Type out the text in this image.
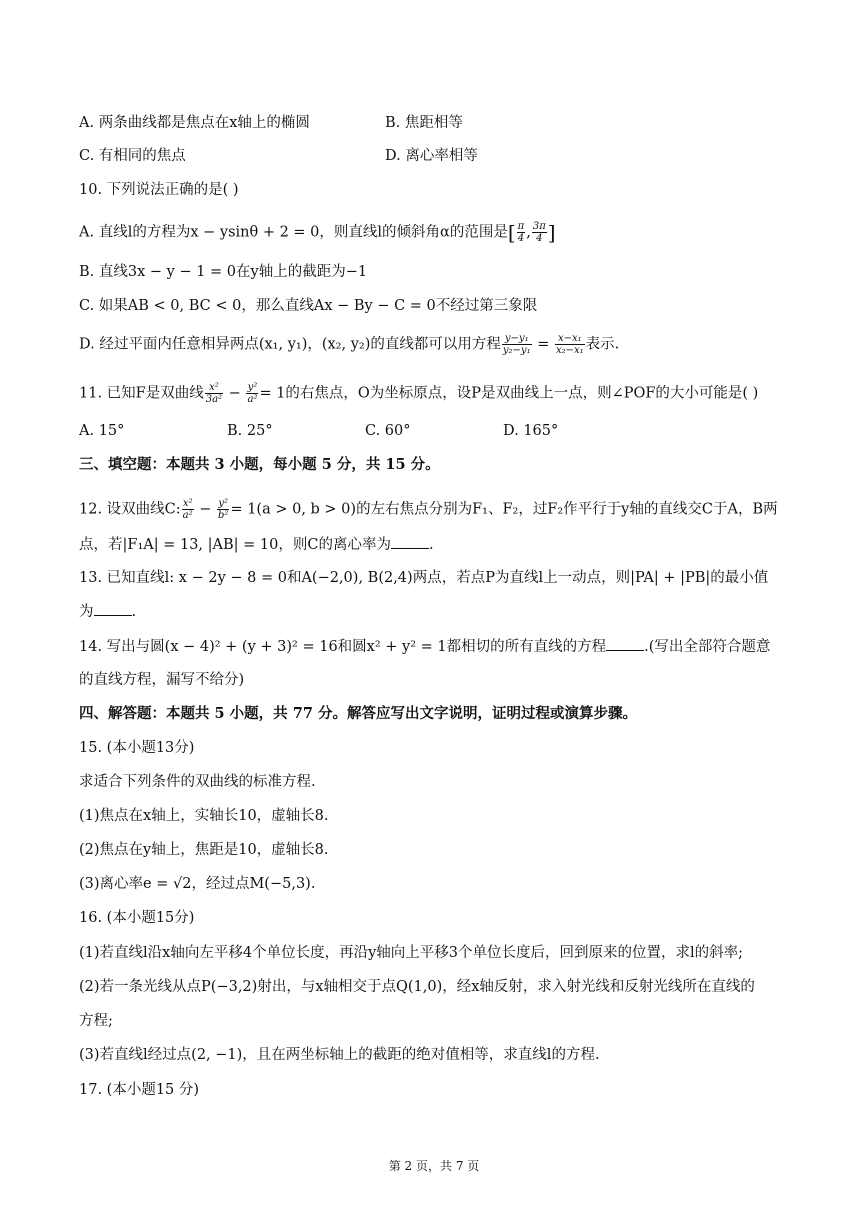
A. 两条曲线都是焦点在x轴上的椭圆	B. 焦距相等
C. 有相同的焦点	D. 离心率相等
10. 下列说法正确的是( )
A. 直线l的方程为x − ysinθ + 2 = 0，则直线l的倾斜角α的范围是[ $\frac{\pi}{4}$ , $\frac{3\pi}{4}$ ]
B. 直线3x − y − 1 = 0在y轴上的截距为−1
C. 如果AB < 0, BC < 0，那么直线Ax − By − C = 0不经过第三象限
D. 经过平面内任意相异两点(x₁, y₁)，(x₂, y₂)的直线都可以用方程 $\frac{\text{y−y₁}}{\text{y₂−y₁}} = \frac{\text{x−x₁}}{\text{x₂−x₁}}$ 表示.
11. 已知F是双曲线 $\frac{\text{x²}}{\text{3a²}} - \frac{\text{y²}}{\text{a²}} = 1$的右焦点，O为坐标原点，设P是双曲线上一点，则∠POF的大小可能是( )
A. 15°	B. 25°	C. 60°	D. 165°
三、填空题：本题共 3 小题，每小题 5 分，共 15 分。
12. 设双曲线C: $\frac{\text{x²}}{\text{a²}} - \frac{\text{y²}}{\text{b²}} = 1(a > 0$, b > 0)的左右焦点分别为F₁、F₂，过F₂作平行于y轴的直线交C于A，B两
点，若|F₁A| = 13, |AB| = 10，则C的离心率为	.
13. 已知直线l: x − 2y − 8 = 0和A(−2,0), B(2,4)两点，若点P为直线l上一动点，则|PA| + |PB|的最小值
为	.
14. 写出与圆(x − 4)² + (y + 3)² = 16和圆x² + y² = 1都相切的所有直线的方程	.(写出全部符合题意
的直线方程，漏写不给分)
四、解答题：本题共 5 小题，共 77 分。解答应写出文字说明，证明过程或演算步骤。
15. (本小题13分)
求适合下列条件的双曲线的标准方程.
(1)焦点在x轴上，实轴长10，虚轴长8.
(2)焦点在y轴上，焦距是10，虚轴长8.
(3)离心率e = √2，经过点M(−5,3).
16. (本小题15分)
(1)若直线l沿x轴向左平移4个单位长度，再沿y轴向上平移3个单位长度后，回到原来的位置，求l的斜率;
(2)若一条光线从点P(−3,2)射出，与x轴相交于点Q(1,0)，经x轴反射，求入射光线和反射光线所在直线的
方程;
(3)若直线l经过点(2, −1)，且在两坐标轴上的截距的绝对值相等，求直线l的方程.
17. (本小题15 分)
第 2 页，共 7 页
